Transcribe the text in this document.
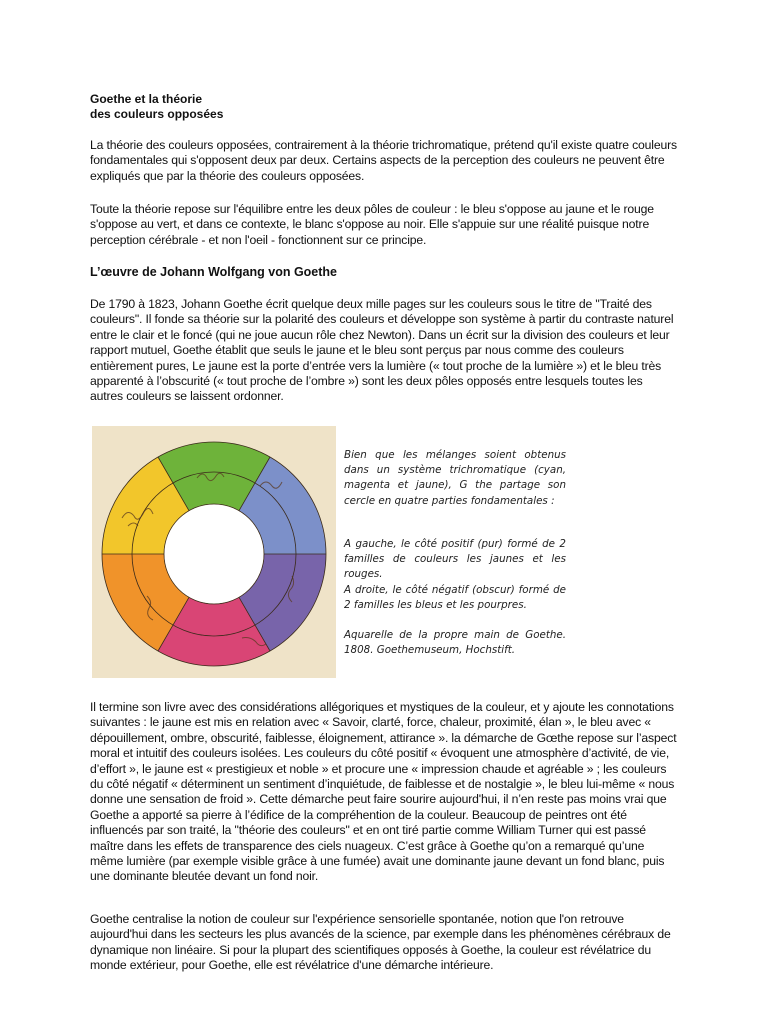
Goethe et la théorie
des couleurs opposées

La théorie des couleurs opposées, contrairement à la théorie trichromatique, prétend qu'il existe quatre couleurs fondamentales qui s'opposent deux par deux. Certains aspects de la perception des couleurs ne peuvent être expliqués que par la théorie des couleurs opposées.

Toute la théorie repose sur l'équilibre entre les deux pôles de couleur : le bleu s'oppose au jaune et le rouge s'oppose au vert, et dans ce contexte, le blanc s'oppose au noir. Elle s'appuie sur une réalité puisque notre perception cérébrale - et non l'oeil - fonctionnent sur ce principe.

L’œuvre de Johann Wolfgang von Goethe

De 1790 à 1823, Johann Goethe écrit quelque deux mille pages sur les couleurs sous le titre de "Traité des couleurs". Il fonde sa théorie sur la polarité des couleurs et développe son système à partir du contraste naturel entre le clair et le foncé (qui ne joue aucun rôle chez Newton). Dans un écrit sur la division des couleurs et leur rapport mutuel, Goethe établit que seuls le jaune et le bleu sont perçus par nous comme des couleurs entièrement pures, Le jaune est la porte d’entrée vers la lumière (« tout proche de la lumière ») et le bleu très apparenté à l’obscurité (« tout proche de l’ombre ») sont les deux pôles opposés entre lesquels toutes les autres couleurs se laissent ordonner.

Il termine son livre avec des considérations allégoriques et mystiques de la couleur, et y ajoute les connotations suivantes : le jaune est mis en relation avec « Savoir, clarté, force, chaleur, proximité, élan », le bleu avec « dépouillement, ombre, obscurité, faiblesse, éloignement, attirance ». la démarche de Gœthe repose sur l’aspect moral et intuitif des couleurs isolées. Les couleurs du côté positif « évoquent une atmosphère d’activité, de vie, d’effort », le jaune est « prestigieux et noble » et procure une « impression chaude et agréable » ; les couleurs du côté négatif « déterminent un sentiment d’inquiétude, de faiblesse et de nostalgie », le bleu lui-même « nous donne une sensation de froid ». Cette démarche peut faire sourire aujourd'hui, il n’en reste pas moins vrai que Goethe a apporté sa pierre à l’édifice de la compréhention de la couleur. Beaucoup de peintres ont été influencés par son traité, la "théorie des couleurs" et en ont tiré partie comme William Turner qui est passé maître dans les effets de transparence des ciels nuageux. C’est grâce à Goethe qu’on a remarqué qu’une même lumière (par exemple visible grâce à une fumée) avait une dominante jaune devant un fond blanc, puis une dominante bleutée devant un fond noir.

Goethe centralise la notion de couleur sur l'expérience sensorielle spontanée, notion que l'on retrouve aujourd'hui dans les secteurs les plus avancés de la science, par exemple dans les phénomènes cérébraux de dynamique non linéaire. Si pour la plupart des scientifiques opposés à Goethe, la couleur est révélatrice du monde extérieur, pour Goethe, elle est révélatrice d'une démarche intérieure.

Bien que les mélanges soient obtenus dans un système trichromatique (cyan, magenta et jaune), G the partage son cercle en quatre parties fondamentales :
A gauche, le côté positif (pur) formé de 2 familles de couleurs les jaunes et les rouges.
A droite, le côté négatif (obscur) formé de 2 familles les bleus et les pourpres.
Aquarelle de la propre main de Goethe. 1808. Goethemuseum, Hochstift.
